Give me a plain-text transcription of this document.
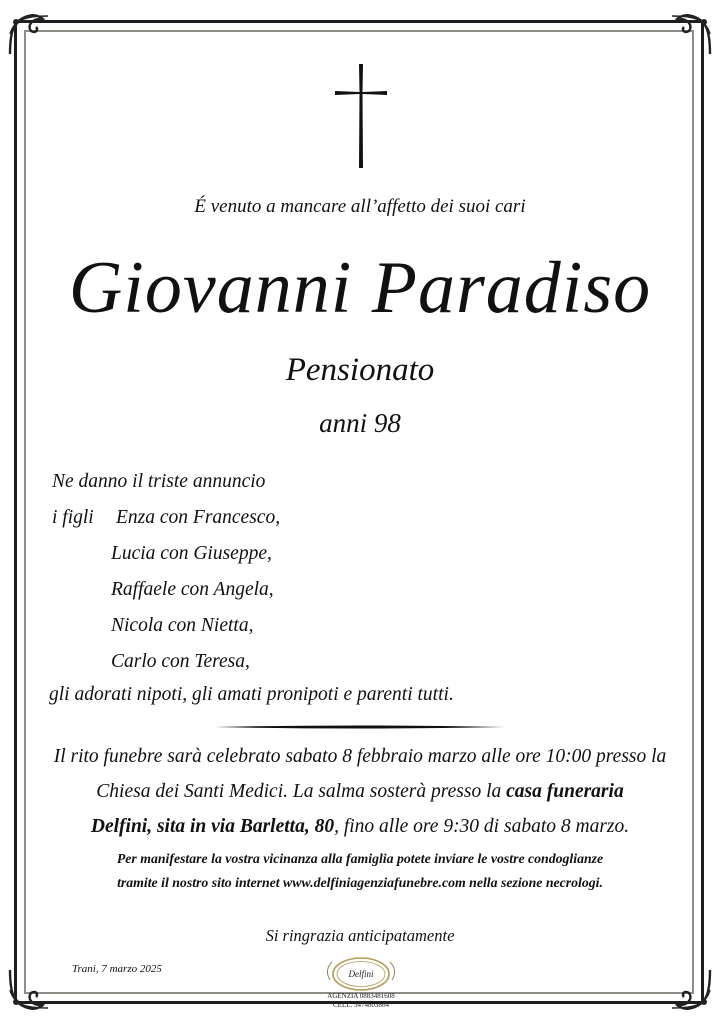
É venuto a mancare all’affetto dei suoi cari
Giovanni Paradiso
Pensionato
anni 98
Ne danno il triste annuncio
i figli Enza con Francesco,
Lucia con Giuseppe,
Raffaele con Angela,
Nicola con Nietta,
Carlo con Teresa,
gli adorati nipoti, gli amati pronipoti e parenti tutti.
Il rito funebre sarà celebrato sabato 8 febbraio marzo alle ore 10:00 presso la
Chiesa dei Santi Medici. La salma sosterà presso la casa funeraria
Delfini, sita in via Barletta, 80, fino alle ore 9:30 di sabato 8 marzo.
Per manifestare la vostra vicinanza alla famiglia potete inviare le vostre condoglianze
tramite il nostro sito internet www.delfiniagenziafunebre.com nella sezione necrologi.
Si ringrazia anticipatamente
Trani, 7 marzo 2025	Delfini
AGENZIA 0883481608
CELL. 3474803864
